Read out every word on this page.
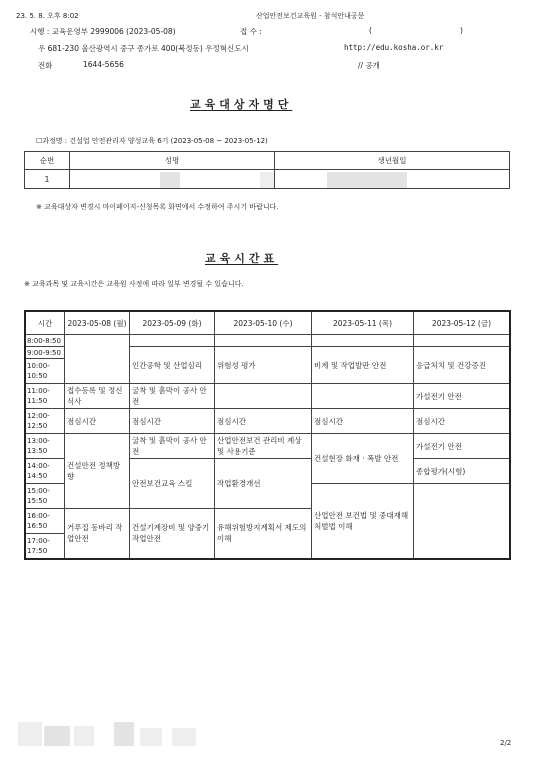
23. 5. 8. 오후 8:02	산업안전보건교육원 - 참석안내공문
시행 : 교육운영부 2999006 (2023-05-08)	접 수 :	(	)
우 681-230 울산광역시 중구 종가로 400(북정동) 우정혁신도시	http://edu.kosha.or.kr
전화	1644-5656	// 공개
교육대상자명단
☐과정명 : 건설업 안전관리자 양성교육 6기 (2023-05-08 ~ 2023-05-12)
순번	성명	생년월일
1		
※ 교육대상자 변경시 마이페이지-신청목록 화면에서 수정하여 주시기 바랍니다.
교육시간표
※ 교육과목 및 교육시간은 교육원 사정에 따라 일부 변경될 수 있습니다.
시간	2023-05-08 (월)	2023-05-09 (화)	2023-05-10 (수)	2023-05-11 (목)	2023-05-12 (금)
8:00-8:50					
9:00-9:50		인간공학 및 산업심리	위험성 평가	비계 및 작업발판 안전	응급처치 및 건강증진
10:00-10:50					
11:00-11:50	접수등록 및 정신식사	굴착 및 흙막이 공사 안전			가설전기 안전
12:00-12:50	점심시간	점심시간	점심시간	점심시간	점심시간
13:00-13:50	건설안전 정책방향	굴착 및 흙막이 공사 안전	산업안전보건 관리비 계상 및 사용기준	건설현장 화재 · 폭발 안전	가설전기 안전
14:00-14:50		안전보건교육 스킬	작업환경개선		종합평가(시험)
15:00-15:50				산업안전 보건법 및 중대재해처벌법 이해	
16:00-16:50	거푸집 동바리 작업안전	건설기계장비 및 양중기 작업안전	유해위험방지계획서 제도의 이해		
17:00-17:50					
2/2
